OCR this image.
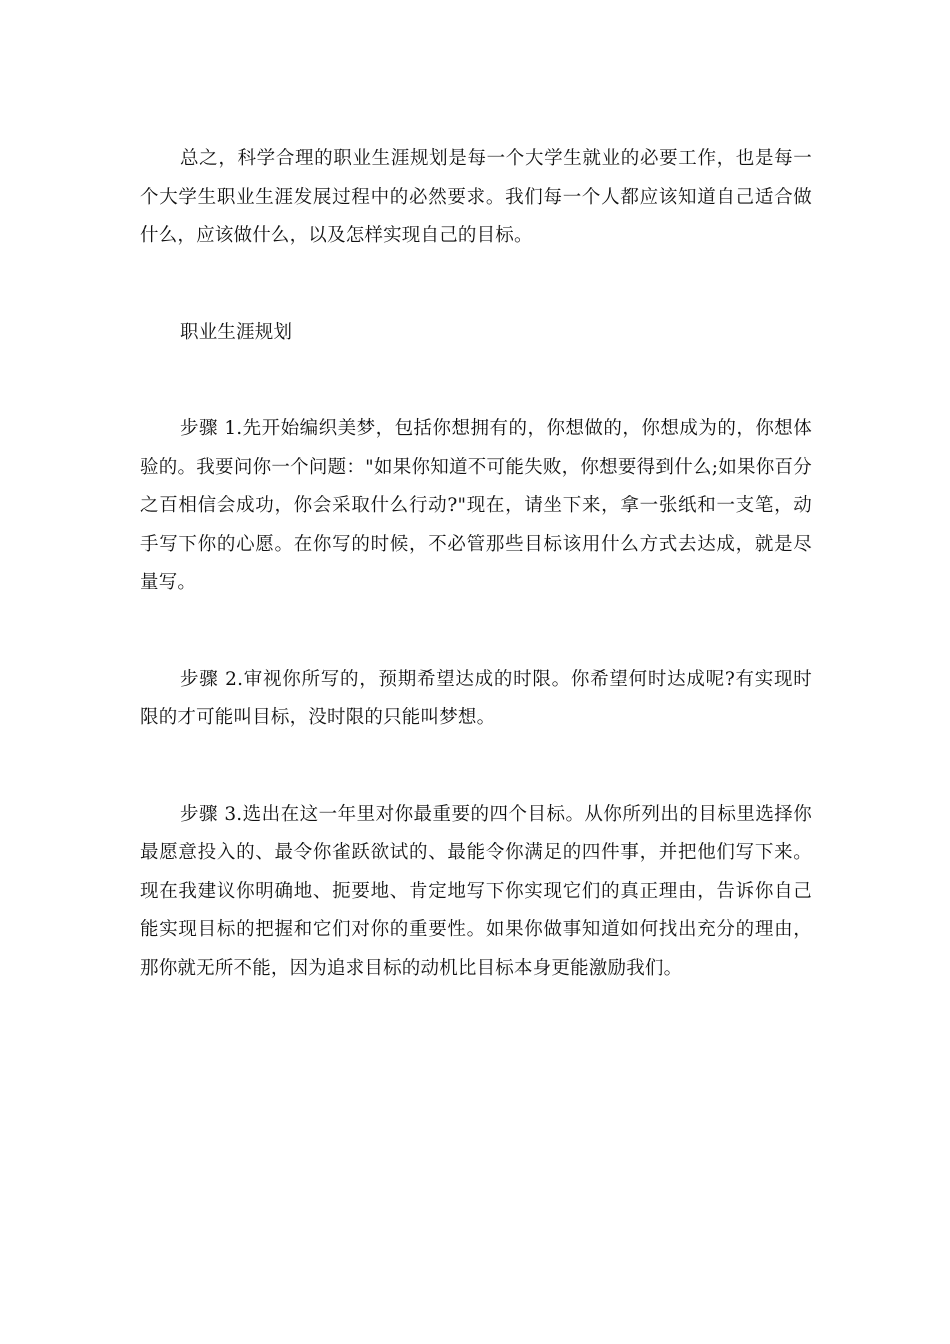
总之，科学合理的职业生涯规划是每一个大学生就业的必要工作，也是每一个大学生职业生涯发展过程中的必然要求。我们每一个人都应该知道自己适合做什么，应该做什么，以及怎样实现自己的目标。

职业生涯规划

步骤 1.先开始编织美梦，包括你想拥有的，你想做的，你想成为的，你想体验的。我要问你一个问题："如果你知道不可能失败，你想要得到什么;如果你百分之百相信会成功，你会采取什么行动?"现在，请坐下来，拿一张纸和一支笔，动手写下你的心愿。在你写的时候，不必管那些目标该用什么方式去达成，就是尽量写。

步骤 2.审视你所写的，预期希望达成的时限。你希望何时达成呢?有实现时限的才可能叫目标，没时限的只能叫梦想。

步骤 3.选出在这一年里对你最重要的四个目标。从你所列出的目标里选择你最愿意投入的、最令你雀跃欲试的、最能令你满足的四件事，并把他们写下来。现在我建议你明确地、扼要地、肯定地写下你实现它们的真正理由，告诉你自己能实现目标的把握和它们对你的重要性。如果你做事知道如何找出充分的理由，那你就无所不能，因为追求目标的动机比目标本身更能激励我们。
